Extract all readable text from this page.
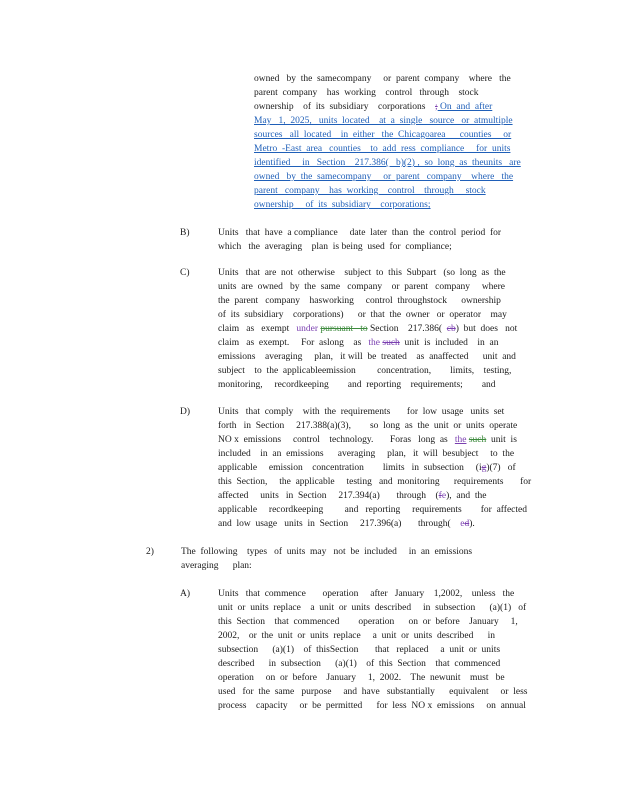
owned   by  the  samecompany     or  parent  company    where   the
parent  company    has  working    control   through    stock
ownership    of  its  subsidiary    corporations ; On  and  after
May   1,  2025,   units  located    at  a  single   source   or  atmultiple
sources   all  located    in  either   the  Chicagoarea      counties     or
Metro  -East  area   counties    to  add  ress  compliance     for  units
identified     in   Section    217.386(   b)(2) ,  so  long  as  theunits   are
owned   by  the  samecompany     or  parent   company    where   the
parent   company    has  working    control    through     stock
ownership     of  its  subsidiary    corporations;
B)	Units   that  have  a compliance     date  later  than  the  control  period  for
which   the  averaging    plan  is being  used  for  compliance;
C)	Units   that  are  not  otherwise    subject  to  this  Subpart   (so  long  as  the
units  are  owned   by  the  same   company    or  parent   company     where
the  parent   company    hasworking     control  throughstock      ownership
of  its  subsidiary    corporations)      or  that  the  owner   or  operator    may
claim   as   exempt   under pursuant   to Section    217.386(  cb)  but  does   not
claim   as  exempt.     For  aslong    as   the such  unit  is  included    in  an
emissions    averaging     plan,   it will  be  treated    as  anaffected      unit  and
subject    to  the  applicableemission         concentration,        limits,    testing,
monitoring,     recordkeeping        and  reporting    requirements;        and
D)	Units   that  comply    with  the  requirements       for  low  usage   units  set
forth   in  Section     217.388(a)(3),        so  long  as  the  unit  or  units  operate
NO x  emissions     control    technology.       Foras   long  as   the such  unit  is
included    in  an  emissions      averaging     plan,   it  will  besubject     to  the
applicable     emission    concentration        limits   in  subsection     (ig)(7)   of
this  Section,     the  applicable     testing   and  monitoring      requirements       for
affected     units   in  Section     217.394(a)       through    (fe),  and  the
applicable     recordkeeping         and   reporting     requirements        for  affected
and  low  usage   units  in  Section     217.396(a)       through(    ed).
2)	The  following    types   of  units  may   not  be  included     in  an  emissions
averaging      plan:
A)	Units   that  commence       operation     after   January    1,2002,    unless   the
unit  or  units  replace    a  unit  or  units  described     in  subsection      (a)(1)   of
this  Section    that  commenced        operation      on  or  before    January     1,
2002,    or  the  unit  or  units  replace     a  unit  or  units  described      in
subsection      (a)(1)    of  thisSection       that   replaced     a  unit  or  units
described      in  subsection      (a)(1)    of  this  Section    that  commenced
operation     on  or  before    January     1,  2002.    The  newunit    must   be
used   for  the  same   purpose     and  have   substantially      equivalent     or  less
process    capacity     or  be  permitted      for  less  NO x  emissions     on  annual
